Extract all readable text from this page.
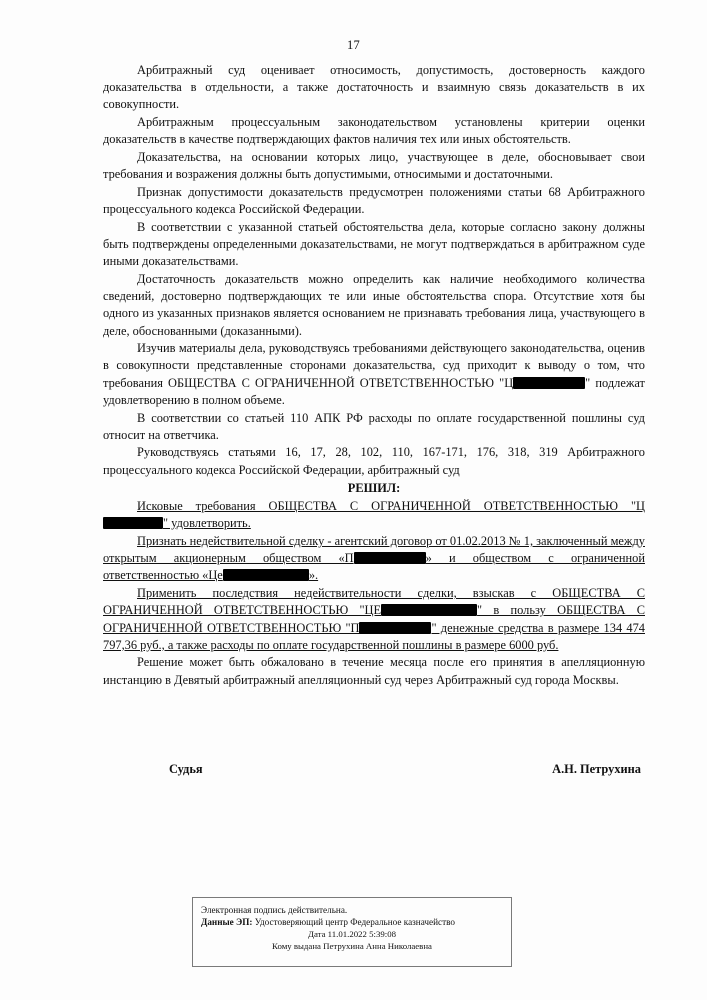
17

Арбитражный суд оценивает относимость, допустимость, достоверность каждого доказательства в отдельности, а также достаточность и взаимную связь доказательств в их совокупности.

Арбитражным процессуальным законодательством установлены критерии оценки доказательств в качестве подтверждающих фактов наличия тех или иных обстоятельств.

Доказательства, на основании которых лицо, участвующее в деле, обосновывает свои требования и возражения должны быть допустимыми, относимыми и достаточными.

Признак допустимости доказательств предусмотрен положениями статьи 68 Арбитражного процессуального кодекса Российской Федерации.

В соответствии с указанной статьей обстоятельства дела, которые согласно закону должны быть подтверждены определенными доказательствами, не могут подтверждаться в арбитражном суде иными доказательствами.

Достаточность доказательств можно определить как наличие необходимого количества сведений, достоверно подтверждающих те или иные обстоятельства спора. Отсутствие хотя бы одного из указанных признаков является основанием не признавать требования лица, участвующего в деле, обоснованными (доказанными).

Изучив материалы дела, руководствуясь требованиями действующего законодательства, оценив в совокупности представленные сторонами доказательства, суд приходит к выводу о том, что требования ОБЩЕСТВА С ОГРАНИЧЕННОЙ ОТВЕТСТВЕННОСТЬЮ "Ц	" подлежат удовлетворению в полном объеме.

В соответствии со статьей 110 АПК РФ расходы по оплате государственной пошлины суд относит на ответчика.

Руководствуясь статьями 16, 17, 28, 102, 110, 167-171, 176, 318, 319 Арбитражного процессуального кодекса Российской Федерации, арбитражный суд

РЕШИЛ:

Исковые требования ОБЩЕСТВА С ОГРАНИЧЕННОЙ ОТВЕТСТВЕННОСТЬЮ "Ц" удовлетворить.

Признать недействительной сделку - агентский договор от 01.02.2013 № 1, заключенный между открытым акционерным обществом «П	» и обществом с ограниченной ответственностью «Це	».

Применить последствия недействительности сделки, взыскав с ОБЩЕСТВА С ОГРАНИЧЕННОЙ ОТВЕТСТВЕННОСТЬЮ "ЦЕ	" в пользу ОБЩЕСТВА С ОГРАНИЧЕННОЙ ОТВЕТСТВЕННОСТЬЮ "П	" денежные средства в размере 134 474 797,36 руб., а также расходы по оплате государственной пошлины в размере 6000 руб.

Решение может быть обжаловано в течение месяца после его принятия в апелляционную инстанцию в Девятый арбитражный апелляционный суд через Арбитражный суд города Москвы.

Судья	А.Н. Петрухина
Электронная подпись действительна.
Данные ЭП: Удостоверяющий центр Федеральное казначейство
Дата 11.01.2022 5:39:08
Кому выдана Петрухина Анна Николаевна
